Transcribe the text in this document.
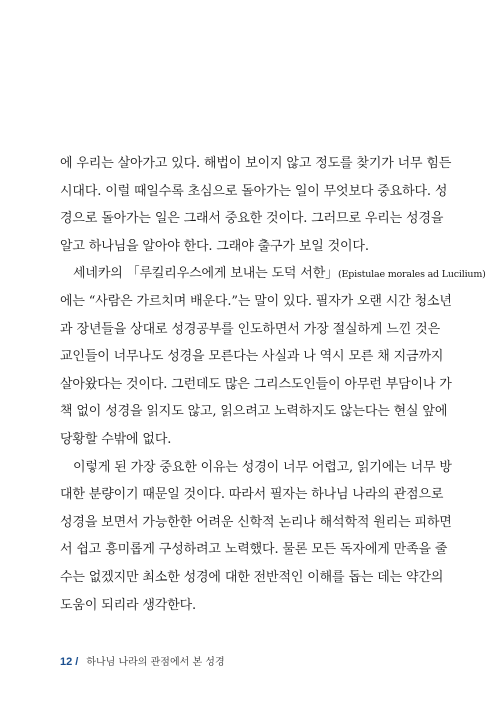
에 우리는 살아가고 있다. 해법이 보이지 않고 정도를 찾기가 너무 힘든
시대다. 이럴 때일수록 초심으로 돌아가는 일이 무엇보다 중요하다. 성
경으로 돌아가는 일은 그래서 중요한 것이다. 그러므로 우리는 성경을
알고 하나님을 알아야 한다. 그래야 출구가 보일 것이다.
세네카의 「루킬리우스에게 보내는 도덕 서한」(Epistulae morales ad Lucilium)
에는 “사람은 가르치며 배운다.”는 말이 있다. 필자가 오랜 시간 청소년
과 장년들을 상대로 성경공부를 인도하면서 가장 절실하게 느낀 것은
교인들이 너무나도 성경을 모른다는 사실과 나 역시 모른 채 지금까지
살아왔다는 것이다. 그런데도 많은 그리스도인들이 아무런 부담이나 가
책 없이 성경을 읽지도 않고, 읽으려고 노력하지도 않는다는 현실 앞에
당황할 수밖에 없다.
이렇게 된 가장 중요한 이유는 성경이 너무 어렵고, 읽기에는 너무 방
대한 분량이기 때문일 것이다. 따라서 필자는 하나님 나라의 관점으로
성경을 보면서 가능한한 어려운 신학적 논리나 해석학적 원리는 피하면
서 쉽고 흥미롭게 구성하려고 노력했다. 물론 모든 독자에게 만족을 줄
수는 없겠지만 최소한 성경에 대한 전반적인 이해를 돕는 데는 약간의
도움이 되리라 생각한다.
12 / 하나님 나라의 관점에서 본 성경
